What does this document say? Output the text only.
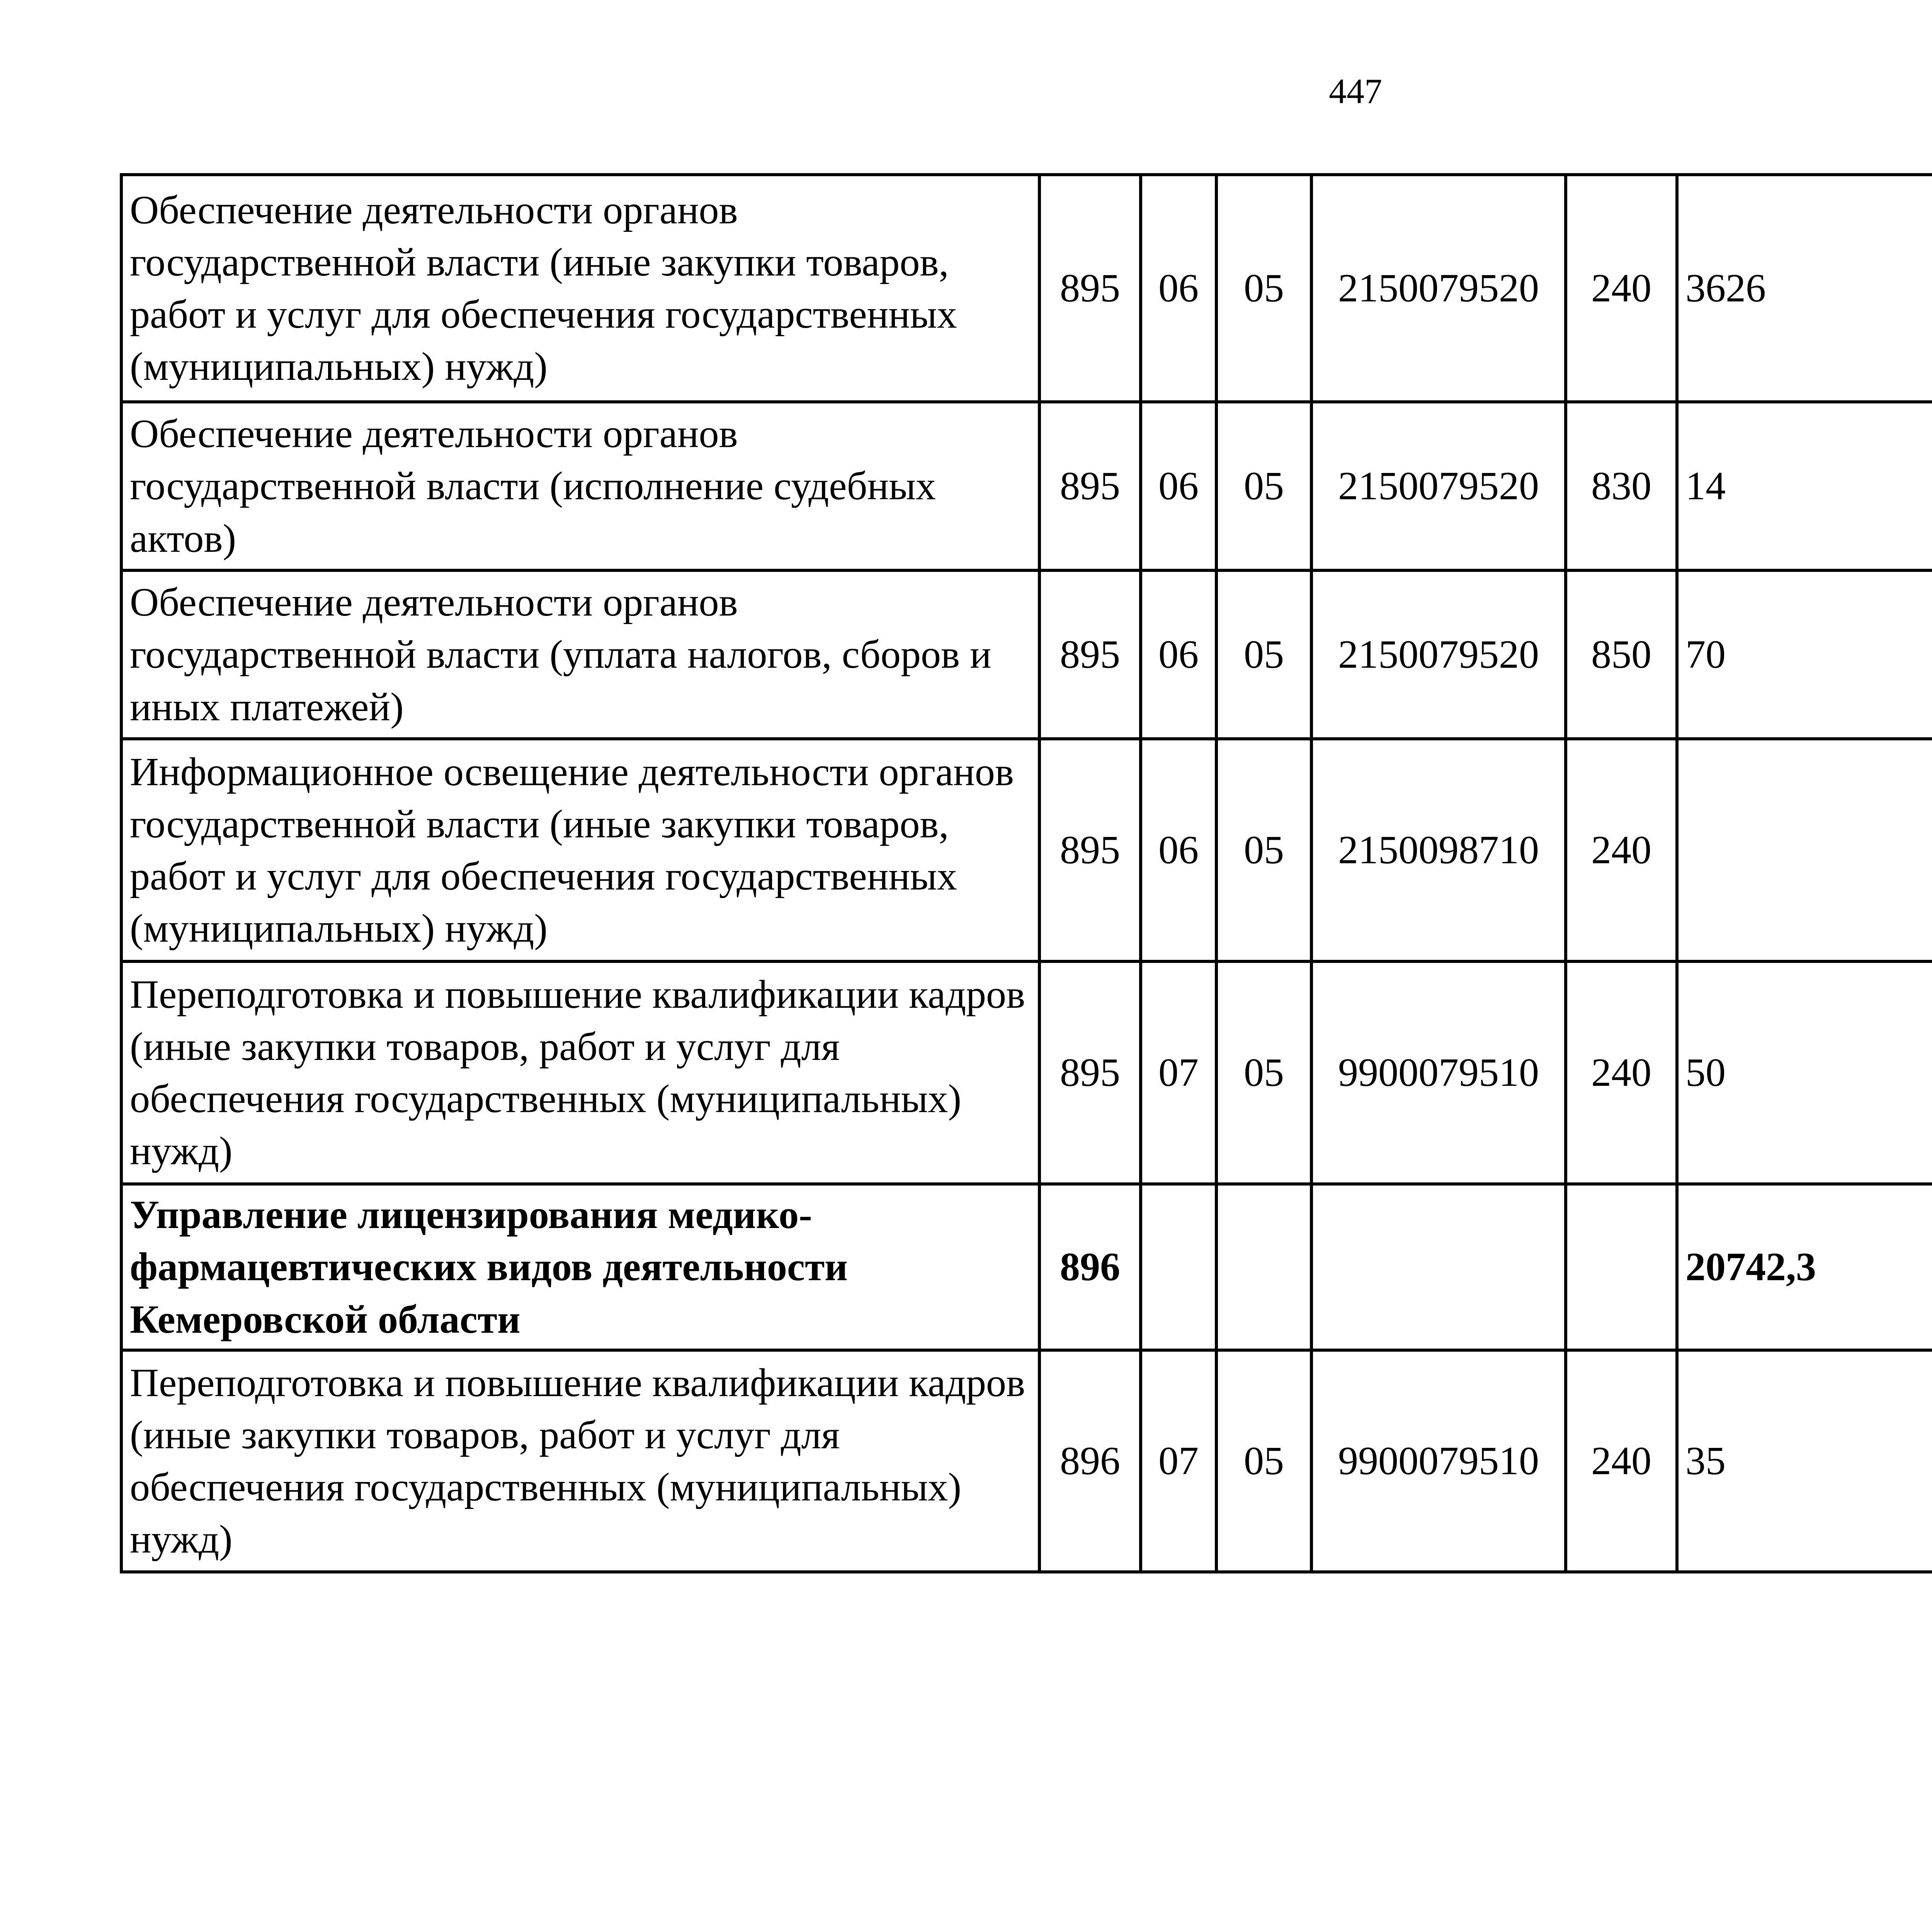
447
Обеспечение деятельности органов государственной власти (иные закупки товаров, работ и услуг для обеспечения государственных (муниципальных) нужд)	895	06	05	2150079520	240	3626		
Обеспечение деятельности органов государственной власти (исполнение судебных актов)	895	06	05	2150079520	830	14		
Обеспечение деятельности органов государственной власти (уплата налогов, сборов и иных платежей)	895	06	05	2150079520	850	70		
Информационное освещение деятельности органов государственной власти (иные закупки товаров, работ и услуг для обеспечения государственных (муниципальных) нужд)	895	06	05	2150098710	240			
Переподготовка и повышение квалификации кадров (иные закупки товаров, работ и услуг для обеспечения государственных (муниципальных) нужд)	895	07	05	9900079510	240	50		
Управление лицензирования медико-фармацевтических видов деятельности Кемеровской области	896					20742,3		
Переподготовка и повышение квалификации кадров (иные закупки товаров, работ и услуг для обеспечения государственных (муниципальных) нужд)	896	07	05	9900079510	240	35		
